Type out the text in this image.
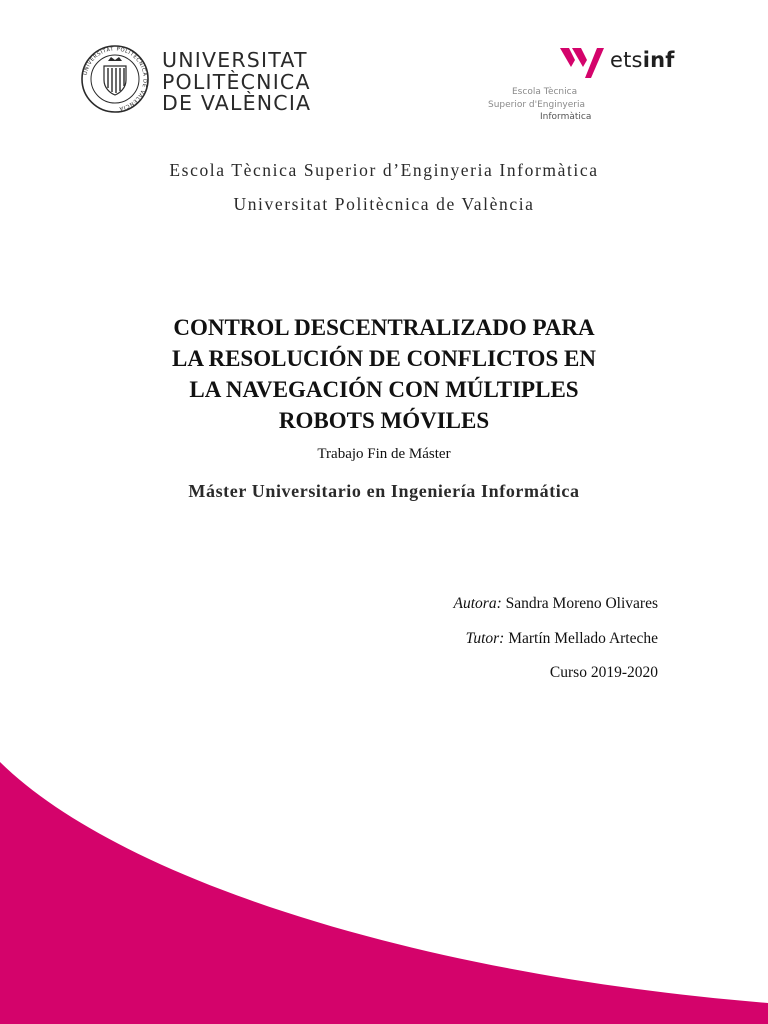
UNIVERSITAT POLITÈCNICA DE VALÈNCIA
UNIVERSITAT
POLITÈCNICA
DE VALÈNCIA
etsinf
Escola Tècnica
Superior d'Enginyeria
Informàtica
Escola Tècnica Superior d’Enginyeria Informàtica
Universitat Politècnica de València
CONTROL DESCENTRALIZADO PARA
LA RESOLUCIÓN DE CONFLICTOS EN
LA NAVEGACIÓN CON MÚLTIPLES
ROBOTS MÓVILES
Trabajo Fin de Máster
Máster Universitario en Ingeniería Informática
Autora: Sandra Moreno Olivares
Tutor: Martín Mellado Arteche
Curso 2019-2020
